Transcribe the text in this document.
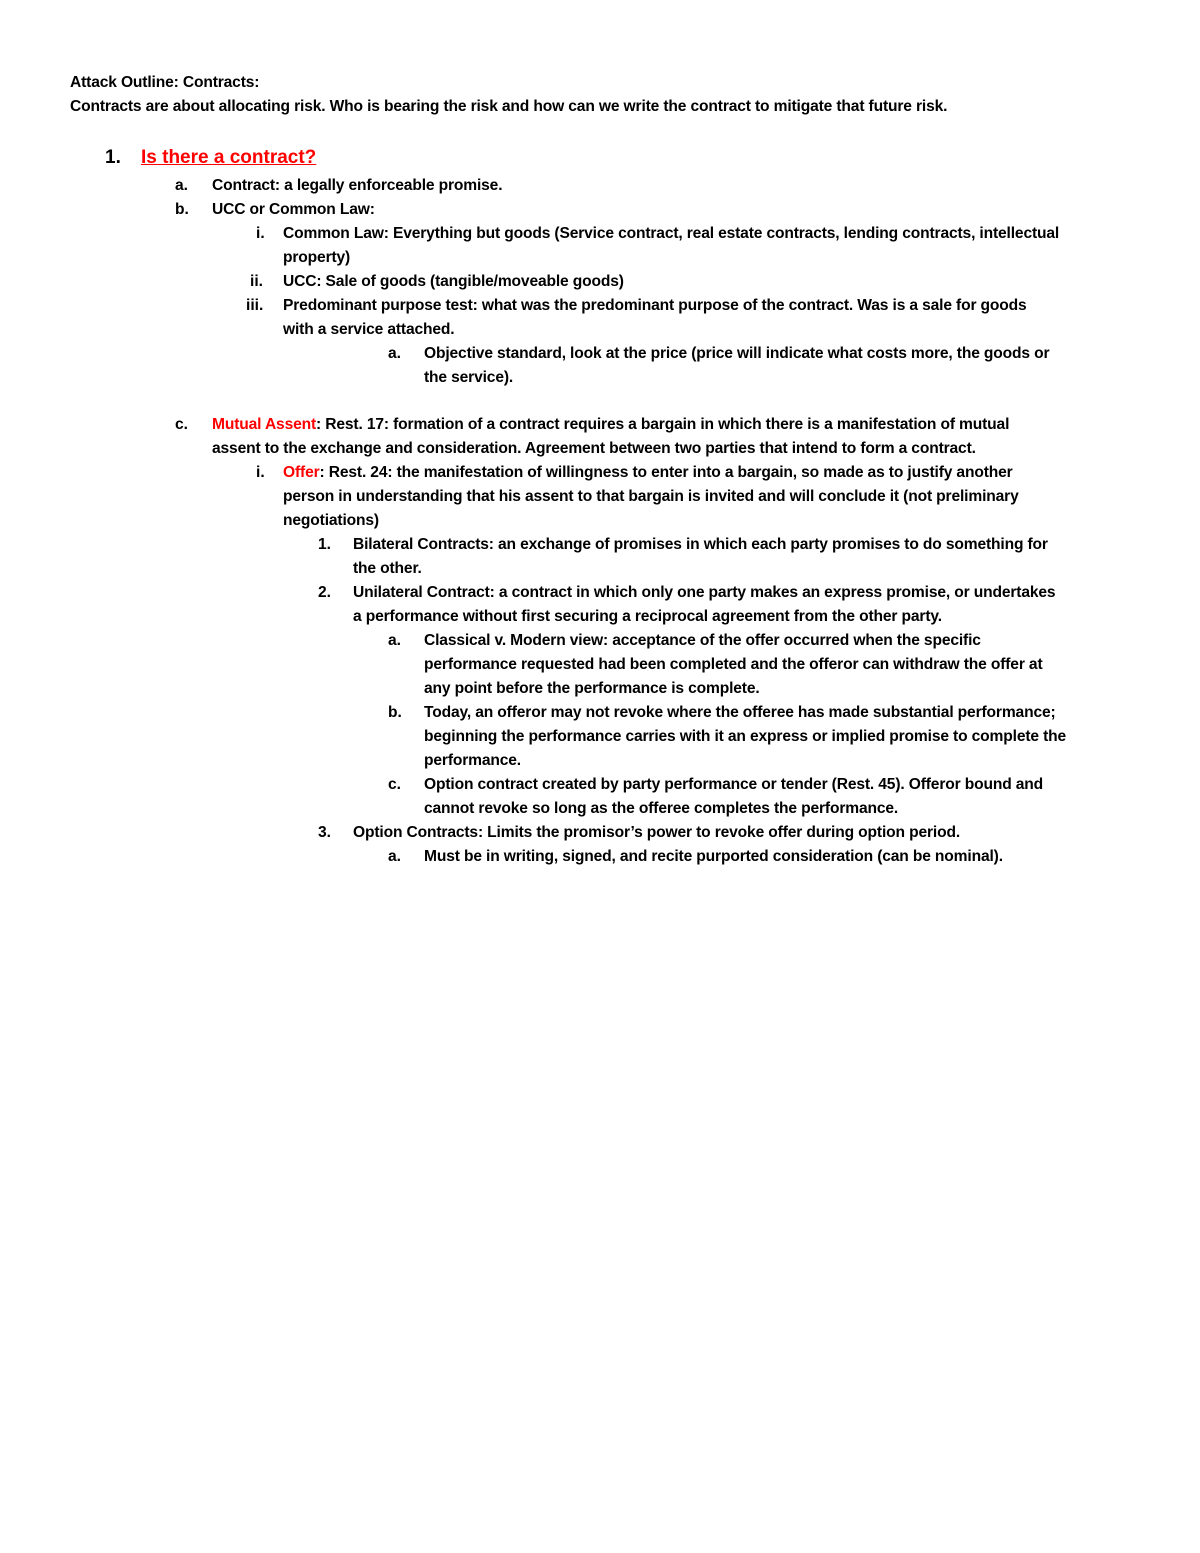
Attack Outline: Contracts:
Contracts are about allocating risk. Who is bearing the risk and how can we write the contract to mitigate that future risk.
1. Is there a contract?
a. Contract: a legally enforceable promise.
b. UCC or Common Law:
i. Common Law: Everything but goods (Service contract, real estate contracts, lending contracts, intellectual
property)
ii. UCC: Sale of goods (tangible/moveable goods)
iii. Predominant purpose test: what was the predominant purpose of the contract. Was is a sale for goods
with a service attached.
a. Objective standard, look at the price (price will indicate what costs more, the goods or
the service).
c. Mutual Assent: Rest. 17: formation of a contract requires a bargain in which there is a manifestation of mutual
assent to the exchange and consideration. Agreement between two parties that intend to form a contract.
i. Offer: Rest. 24: the manifestation of willingness to enter into a bargain, so made as to justify another
person in understanding that his assent to that bargain is invited and will conclude it (not preliminary
negotiations)
1. Bilateral Contracts: an exchange of promises in which each party promises to do something for
the other.
2. Unilateral Contract: a contract in which only one party makes an express promise, or undertakes
a performance without first securing a reciprocal agreement from the other party.
a. Classical v. Modern view: acceptance of the offer occurred when the specific
performance requested had been completed and the offeror can withdraw the offer at
any point before the performance is complete.
b. Today, an offeror may not revoke where the offeree has made substantial performance;
beginning the performance carries with it an express or implied promise to complete the
performance.
c. Option contract created by party performance or tender (Rest. 45). Offeror bound and
cannot revoke so long as the offeree completes the performance.
3. Option Contracts: Limits the promisor’s power to revoke offer during option period.
a. Must be in writing, signed, and recite purported consideration (can be nominal).
